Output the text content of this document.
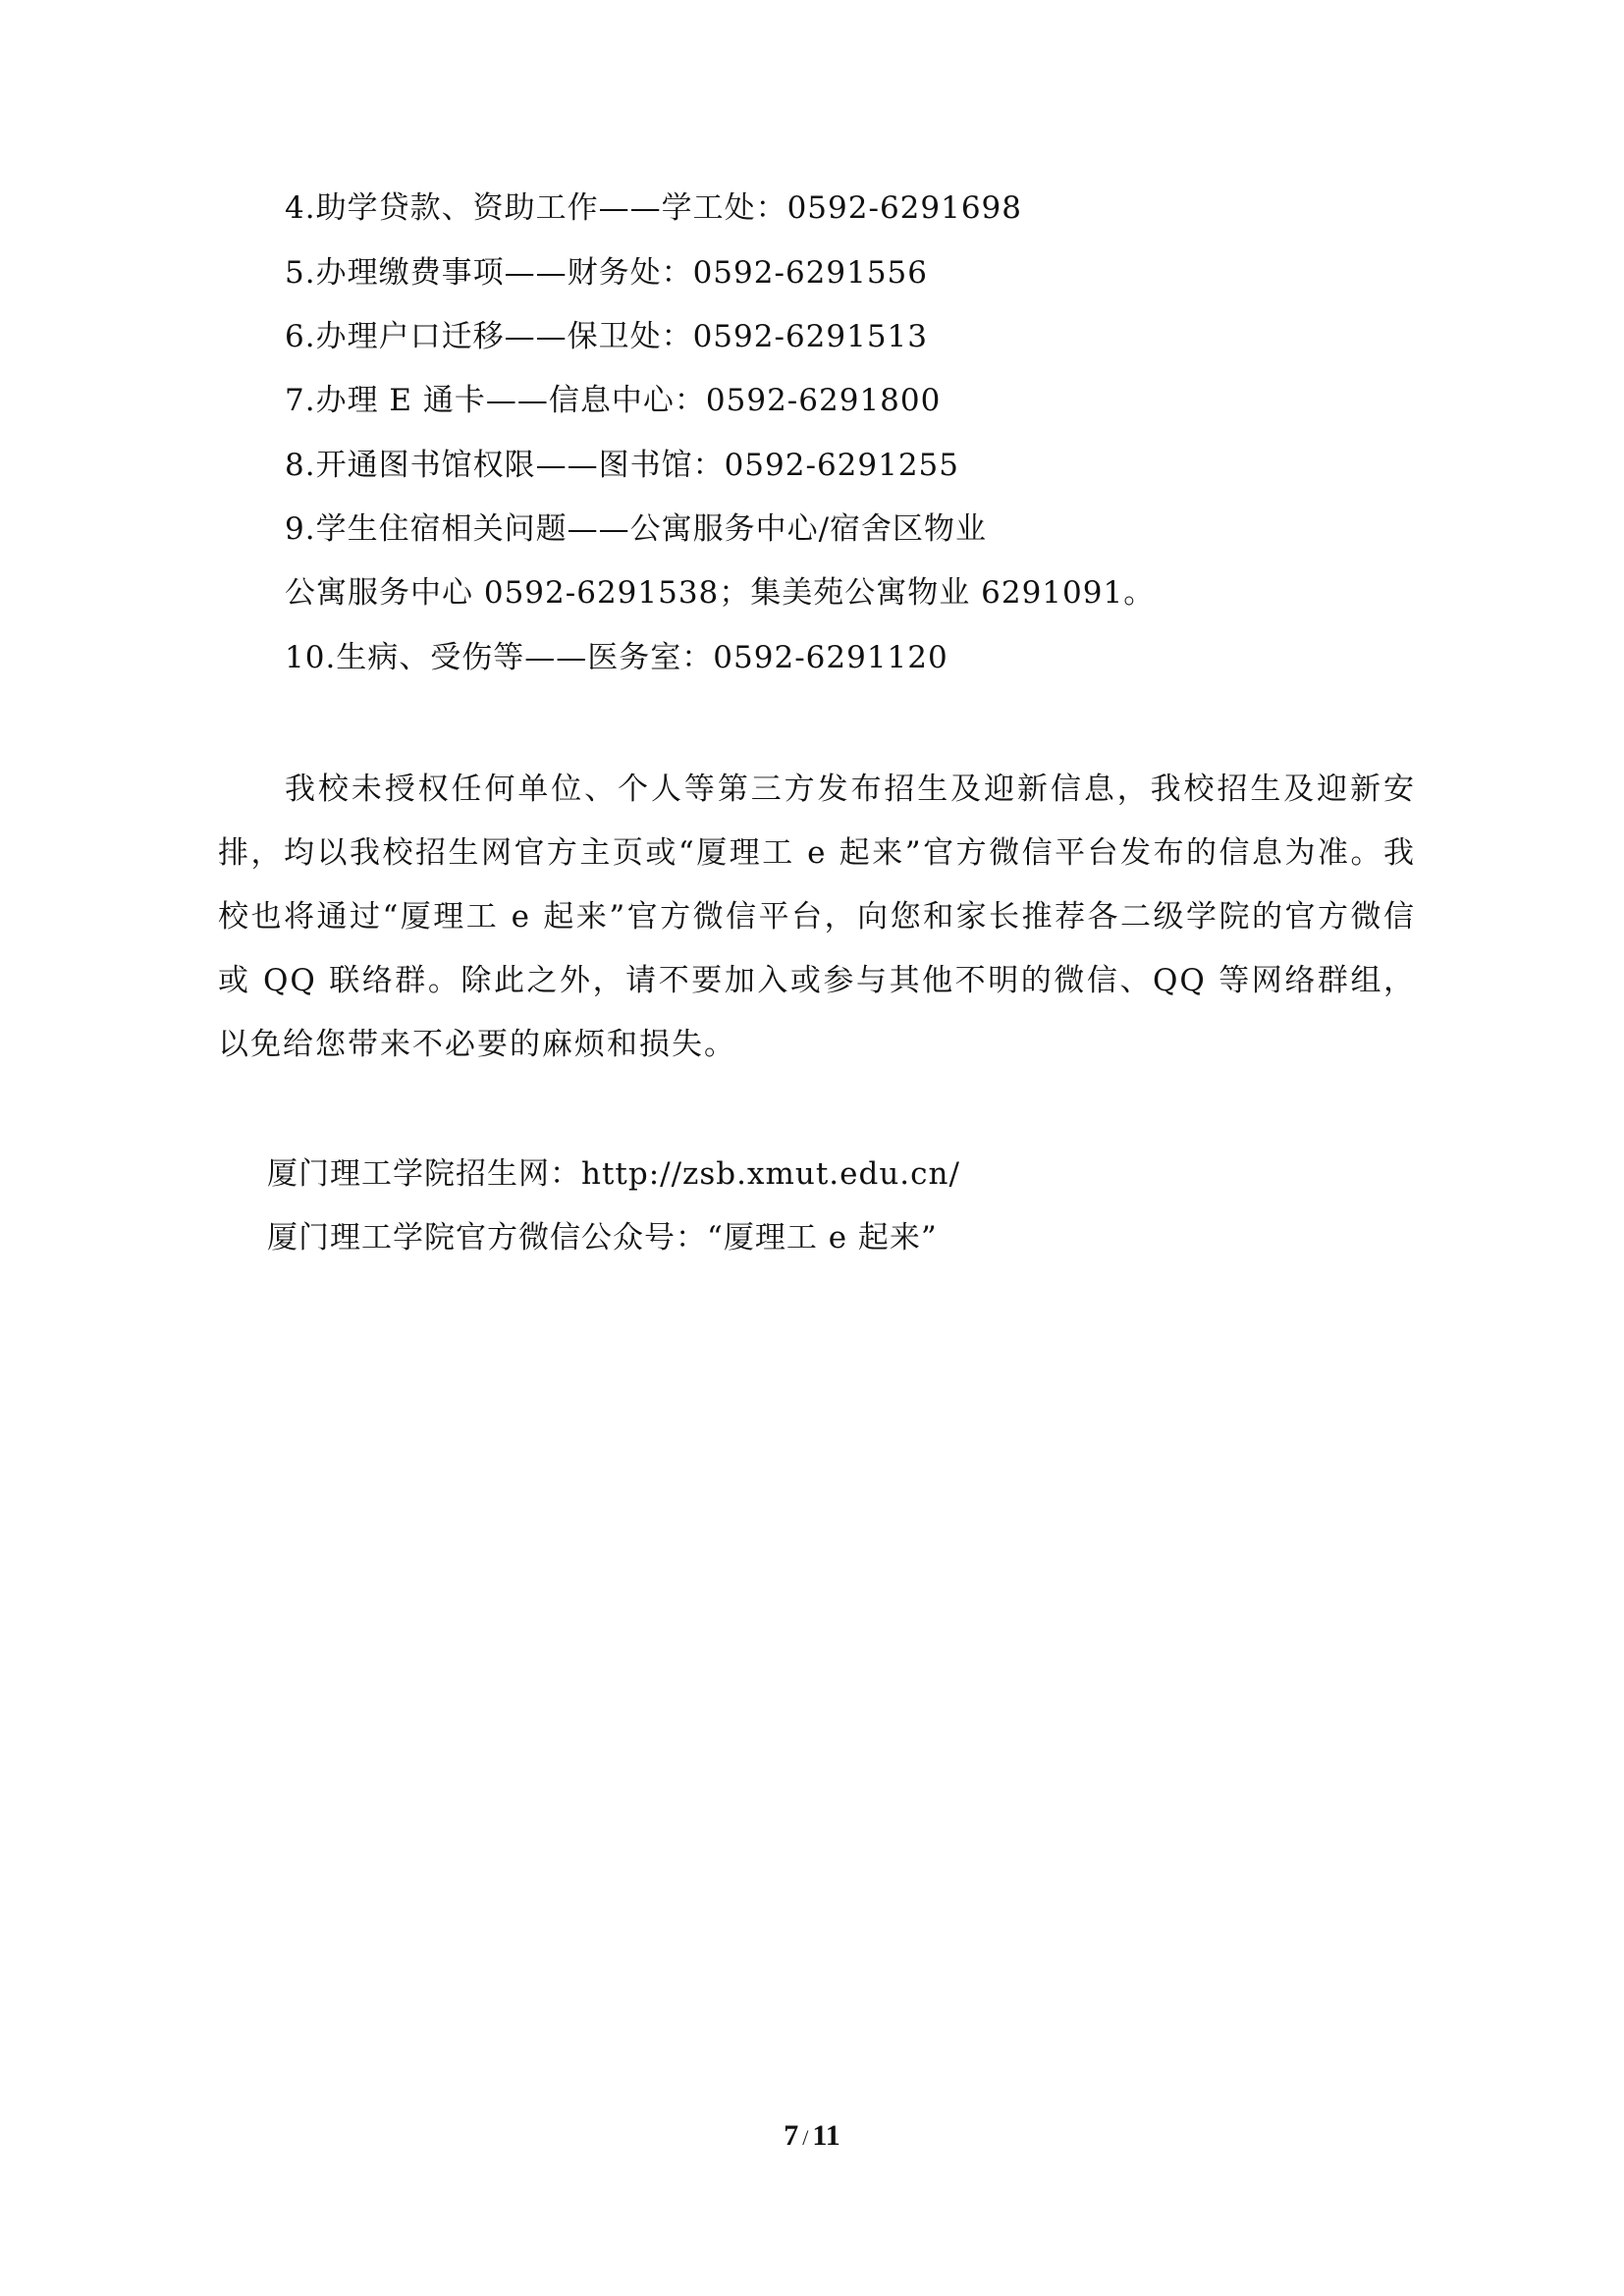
4.助学贷款、资助工作——学工处：0592-6291698
5.办理缴费事项——财务处：0592-6291556
6.办理户口迁移——保卫处：0592-6291513
7.办理 E 通卡——信息中心：0592-6291800
8.开通图书馆权限——图书馆：0592-6291255
9.学生住宿相关问题——公寓服务中心/宿舍区物业
公寓服务中心 0592-6291538；集美苑公寓物业 6291091。
10.生病、受伤等——医务室：0592-6291120

我校未授权任何单位、个人等第三方发布招生及迎新信息，我校招生及迎新安排，均以我校招生网官方主页或“厦理工 e 起来”官方微信平台发布的信息为准。我校也将通过“厦理工 e 起来”官方微信平台，向您和家长推荐各二级学院的官方微信或 QQ 联络群。除此之外，请不要加入或参与其他不明的微信、QQ 等网络群组，以免给您带来不必要的麻烦和损失。

厦门理工学院招生网：http://zsb.xmut.edu.cn/
厦门理工学院官方微信公众号：“厦理工 e 起来”
7 / 11
